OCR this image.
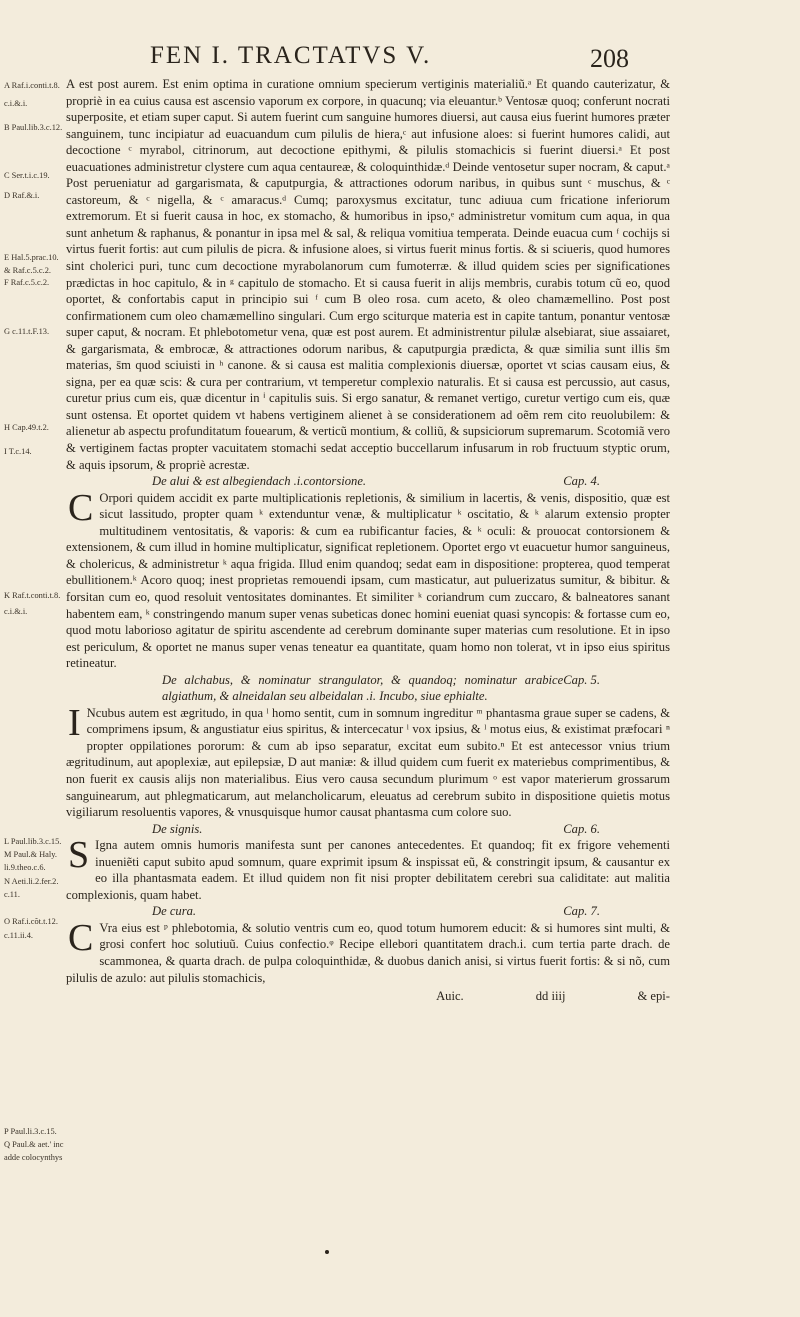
FEN I. TRACTATVS V.	208
A Raf.i.conti.t.8.
c.i.&.i.
B Paul.lib.3.c.12.
C Ser.t.i.c.19.
D Raf.&.i.
E Hal.5.prac.10.
& Raf.c.5.c.2.
F Raf.c.5.c.2.
G c.11.t.F.13.
H Cap.49.t.2.
I T.c.14.
K Raf.t.conti.t.8.
c.i.&.i.
L Paul.lib.3.c.15.
M Paul.& Haly.
li.9.theo.c.6.
N Aeti.li.2.fer.2.
c.11.
O Raf.i.cõt.t.12.
c.11.ii.4.
P Paul.li.3.c.15.
Q Paul.& aet.' inc
adde colocynthys

A est post aurem. Est enim optima in curatione omnium specierum vertiginis materialiũ.ᵃ Et quando cauterizatur, & propriè in ea cuius causa est ascensio vaporum ex corpore, in quacunq; via eleuantur.ᵇ Ventosæ quoq; conferunt nocrati superposite, et etiam super caput. Si autem fuerint cum sanguine humores diuersi, aut causa eius fuerint humores præter sanguinem, tunc incipiatur ad euacuandum cum pilulis de hiera,ᶜ aut infusione aloes: si fuerint humores calidi, aut decoctione ᶜ myrabol, citrinorum, aut decoctione epithymi, & pilulis stomachicis si fuerint diuersi.ᵃ Et post euacuationes administretur clystere cum aqua centaureæ, & coloquinthidæ.ᵈ Deinde ventosetur super nocram, & caput.ᵃ Post perueniatur ad gargarismata, & caputpurgia, & attractiones odorum naribus, in quibus sunt ᶜ muschus, & ᶜ castoreum, & ᶜ nigella, & ᶜ amaracus.ᵈ Cumq; paroxysmus excitatur, tunc adiuua cum fricatione inferiorum extremorum. Et si fuerit causa in hoc, ex stomacho, & humoribus in ipso,ᵉ administretur vomitum cum aqua, in qua sunt anhetum & raphanus, & ponantur in ipsa mel & sal, & reliqua vomitiua temperata. Deinde euacua cum ᶠ cochijs si virtus fuerit fortis: aut cum pilulis de picra. & infusione aloes, si virtus fuerit minus fortis. & si sciueris, quod humores sint cholerici puri, tunc cum decoctione myrabolanorum cum fumoterræ. & illud quidem scies per significationes prædictas in hoc capitulo, & in ᵍ capitulo de stomacho. Et si causa fuerit in alijs membris, curabis totum cũ eo, quod oportet, & confortabis caput in principio sui ᶠ cum B oleo rosa. cum aceto, & oleo chamæmellino. Post post confirmationem cum oleo chamæmellino singulari. Cum ergo sciturque materia est in capite tantum, ponantur ventosæ super caput, & nocram. Et phlebotometur vena, quæ est post aurem. Et administrentur pilulæ alsebiarat, siue assaiaret, & gargarismata, & embrocæ, & attractiones odorum naribus, & caputpurgia prædicta, & quæ similia sunt illis s̄m materias, s̄m quod sciuisti in ʰ canone. & si causa est malitia complexionis diuersæ, oportet vt scias causam eius, & signa, per ea quæ scis: & cura per contrarium, vt temperetur complexio naturalis. Et si causa est percussio, aut casus, curetur prius cum eis, quæ dicentur in ⁱ capitulis suis. Si ergo sanatur, & remanet vertigo, curetur vertigo cum eis, quæ sunt ostensa. Et oportet quidem vt habens vertiginem alienet à se considerationem ad oẽm rem cito reuolubilem: & alienetur ab aspectu profunditatum fouearum, & verticũ montium, & colliũ, & supsiciorum supremarum. Scotomiã vero & vertiginem factas propter vacuitatem stomachi sedat acceptio buccellarum infusarum in rob fructuum styptic orum, & aquis ipsorum, & propriè acrestæ.

De alui & est albegiendach .i.contorsione.	Cap. 4.

C Orpori quidem accidit ex parte multiplicationis repletionis, & similium in lacertis, & venis, dispositio, quæ est sicut lassitudo, propter quam ᵏ extenduntur venæ, & multiplicatur ᵏ oscitatio, & ᵏ alarum extensio propter multitudinem ventositatis, & vaporis: & cum ea rubificantur facies, & ᵏ oculi: & prouocat contorsionem & extensionem, & cum illud in homine multiplicatur, significat repletionem. Oportet ergo vt euacuetur humor sanguineus, & cholericus, & administretur ᵏ aqua frigida. Illud enim quandoq; sedat eam in dispositione: propterea, quod temperat ebullitionem.ᵏ Acoro quoq; inest proprietas remouendi ipsam, cum masticatur, aut puluerizatus sumitur, & bibitur. & forsitan cum eo, quod resoluit ventositates dominantes. Et similiter ᵏ coriandrum cum zuccaro, & balneatores sanant habentem eam, ᵏ constringendo manum super venas subeticas donec homini eueniat quasi syncopis: & fortasse cum eo, quod motu laborioso agitatur de spiritu ascendente ad cerebrum dominante super materias cum resolutione. Et in ipso est periculum, & oportet ne manus super venas teneatur ea quantitate, quam homo non tolerat, vt in ipso eius spiritus retineatur.

De alchabus, & nominatur strangulator, & quandoq; nominatur arabice algiathum, & alneidalan seu albeidalan .i. Incubo, siue ephialte.
Cap. 5.

I Ncubus autem est ægritudo, in qua ˡ homo sentit, cum in somnum ingreditur ᵐ phantasma graue super se cadens, & comprimens ipsum, & angustiatur eius spiritus, & intercecatur ˡ vox ipsius, & ˡ motus eius, & existimat præfocari ⁿ propter oppilationes pororum: & cum ab ipso separatur, excitat eum subito.ⁿ Et est antecessor vnius trium ægritudinum, aut apoplexiæ, aut epilepsiæ, D aut maniæ: & illud quidem cum fuerit ex materiebus comprimentibus, & non fuerit ex causis alijs non materialibus. Eius vero causa secundum plurimum ᵒ est vapor materierum grossarum sanguinearum, aut phlegmaticarum, aut melancholicarum, eleuatus ad cerebrum subito in dispositione quietis motus vigiliarum resoluentis vapores, & vnusquisque humor causat phantasma cum colore suo.

De signis.	Cap. 6.

S Igna autem omnis humoris manifesta sunt per canones antecedentes. Et quandoq; fit ex frigore vehementi inueniẽti caput subito apud somnum, quare exprimit ipsum & inspissat eũ, & constringit ipsum, & causantur ex eo illa phantasmata eadem. Et illud quidem non fit nisi propter debilitatem cerebri sua caliditate: aut malitia complexionis, quam habet.

De cura.	Cap. 7.

C Vra eius est ᵖ phlebotomia, & solutio ventris cum eo, quod totum humorem educit: & si humores sint multi, & grosi confert hoc solutiuũ. Cuius confectio.ᵠ Recipe ellebori quantitatem drach.i. cum tertia parte drach. de scammonea, & quarta drach. de pulpa coloquinthidæ, & duobus danich anisi, si virtus fuerit fortis: & si nõ, cum pilulis de azulo: aut pilulis stomachicis,

Auic.	dd iiij	& epi-
